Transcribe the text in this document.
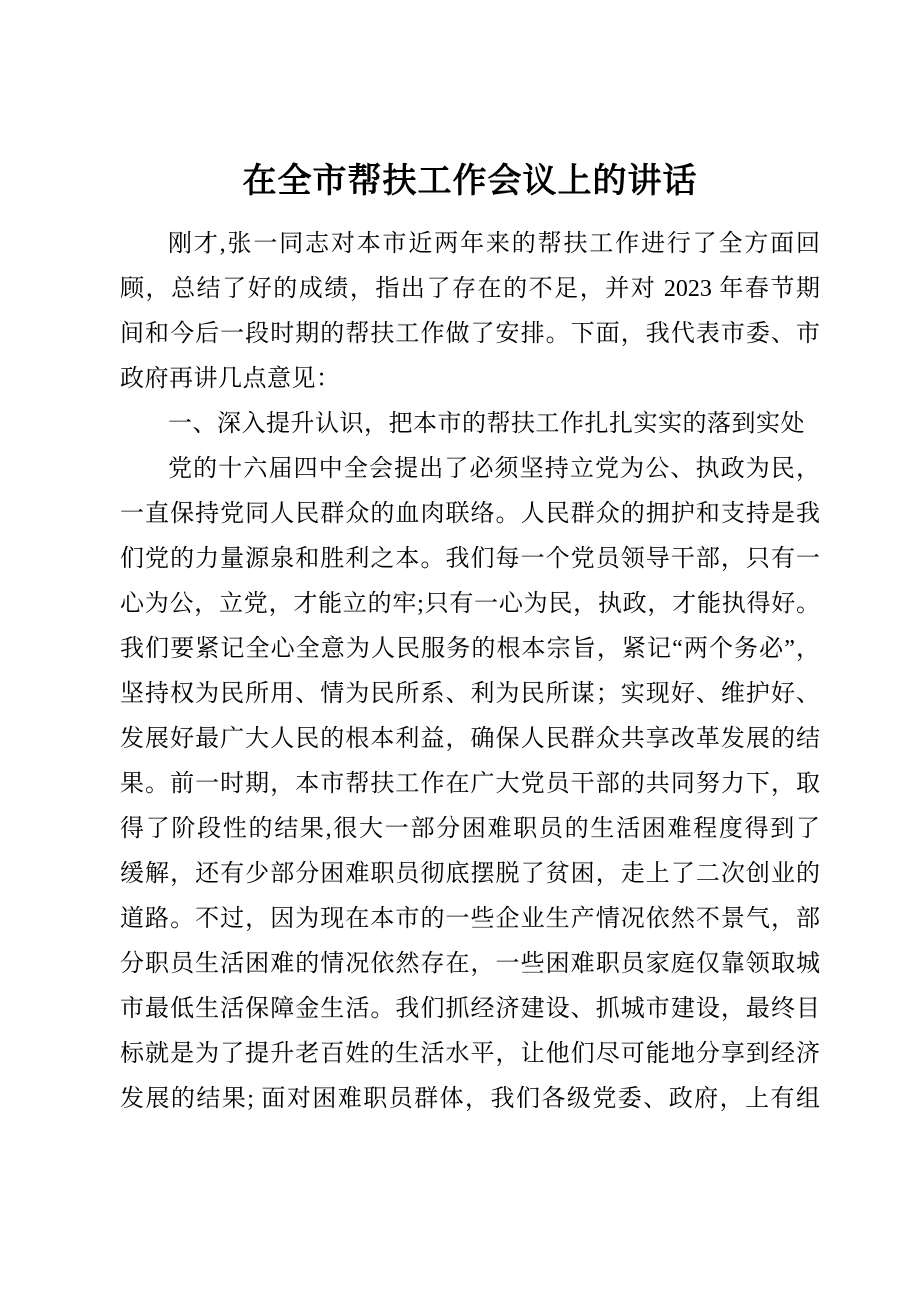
在全市帮扶工作会议上的讲话
刚才,张一同志对本市近两年来的帮扶工作进行了全方面回
顾，总结了好的成绩，指出了存在的不足，并对 2023 年春节期
间和今后一段时期的帮扶工作做了安排。下面，我代表市委、市
政府再讲几点意见：
一、深入提升认识，把本市的帮扶工作扎扎实实的落到实处
党的十六届四中全会提出了必须坚持立党为公、执政为民，
一直保持党同人民群众的血肉联络。人民群众的拥护和支持是我
们党的力量源泉和胜利之本。我们每一个党员领导干部，只有一
心为公，立党，才能立的牢;只有一心为民，执政，才能执得好。
我们要紧记全心全意为人民服务的根本宗旨，紧记“两个务必”，
坚持权为民所用、情为民所系、利为民所谋；实现好、维护好、
发展好最广大人民的根本利益，确保人民群众共享改革发展的结
果。前一时期，本市帮扶工作在广大党员干部的共同努力下，取
得了阶段性的结果,很大一部分困难职员的生活困难程度得到了
缓解，还有少部分困难职员彻底摆脱了贫困，走上了二次创业的
道路。不过，因为现在本市的一些企业生产情况依然不景气，部
分职员生活困难的情况依然存在，一些困难职员家庭仅靠领取城
市最低生活保障金生活。我们抓经济建设、抓城市建设，最终目
标就是为了提升老百姓的生活水平，让他们尽可能地分享到经济
发展的结果; 面对困难职员群体，我们各级党委、政府，上有组
